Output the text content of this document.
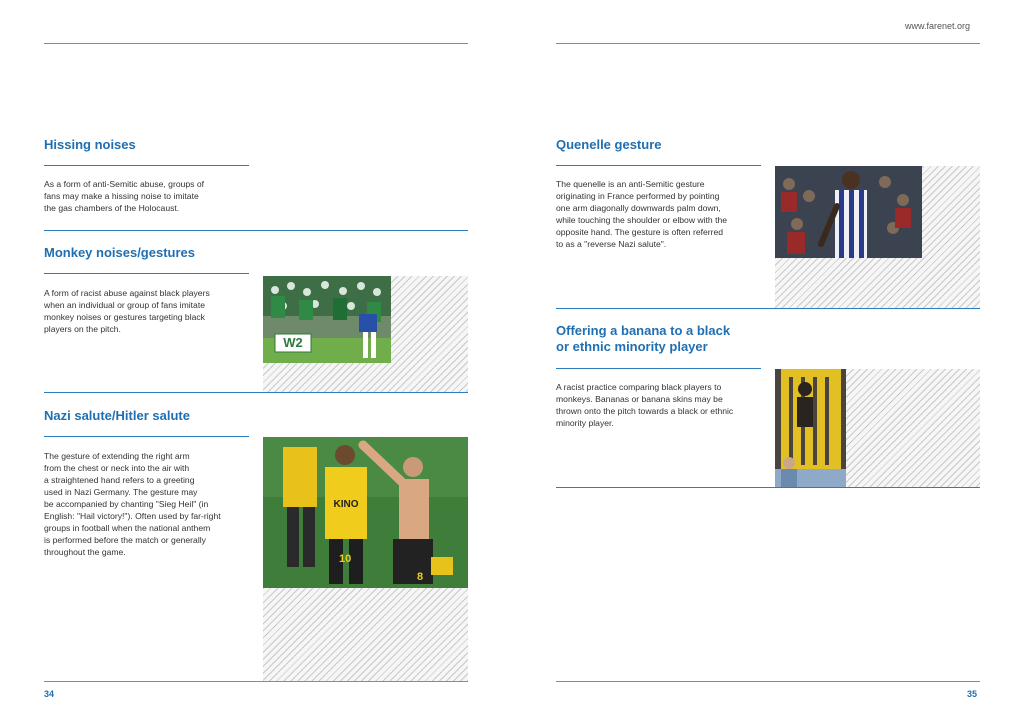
www.farenet.org
Hissing noises
As a form of anti-Semitic abuse, groups of
fans may make a hissing noise to imitate
the gas chambers of the Holocaust.
Monkey noises/gestures
A form of racist abuse against black players
when an individual or group of fans imitate
monkey noises or gestures targeting black
players on the pitch.
W2
Nazi salute/Hitler salute
The gesture of extending the right arm
from the chest or neck into the air with
a straightened hand refers to a greeting
used in Nazi Germany. The gesture may
be accompanied by chanting "Sieg Heil" (in
English: "Hail victory!"). Often used by far-right
groups in football when the national anthem
is performed before the match or generally
throughout the game.
KINO
10
8
34
Quenelle gesture
The quenelle is an anti-Semitic gesture
originating in France performed by pointing
one arm diagonally downwards palm down,
while touching the shoulder or elbow with the
opposite hand. The gesture is often referred
to as a "reverse Nazi salute".
Offering a banana to a black
or ethnic minority player
A racist practice comparing black players to
monkeys. Bananas or banana skins may be
thrown onto the pitch towards a black or ethnic
minority player.
35
